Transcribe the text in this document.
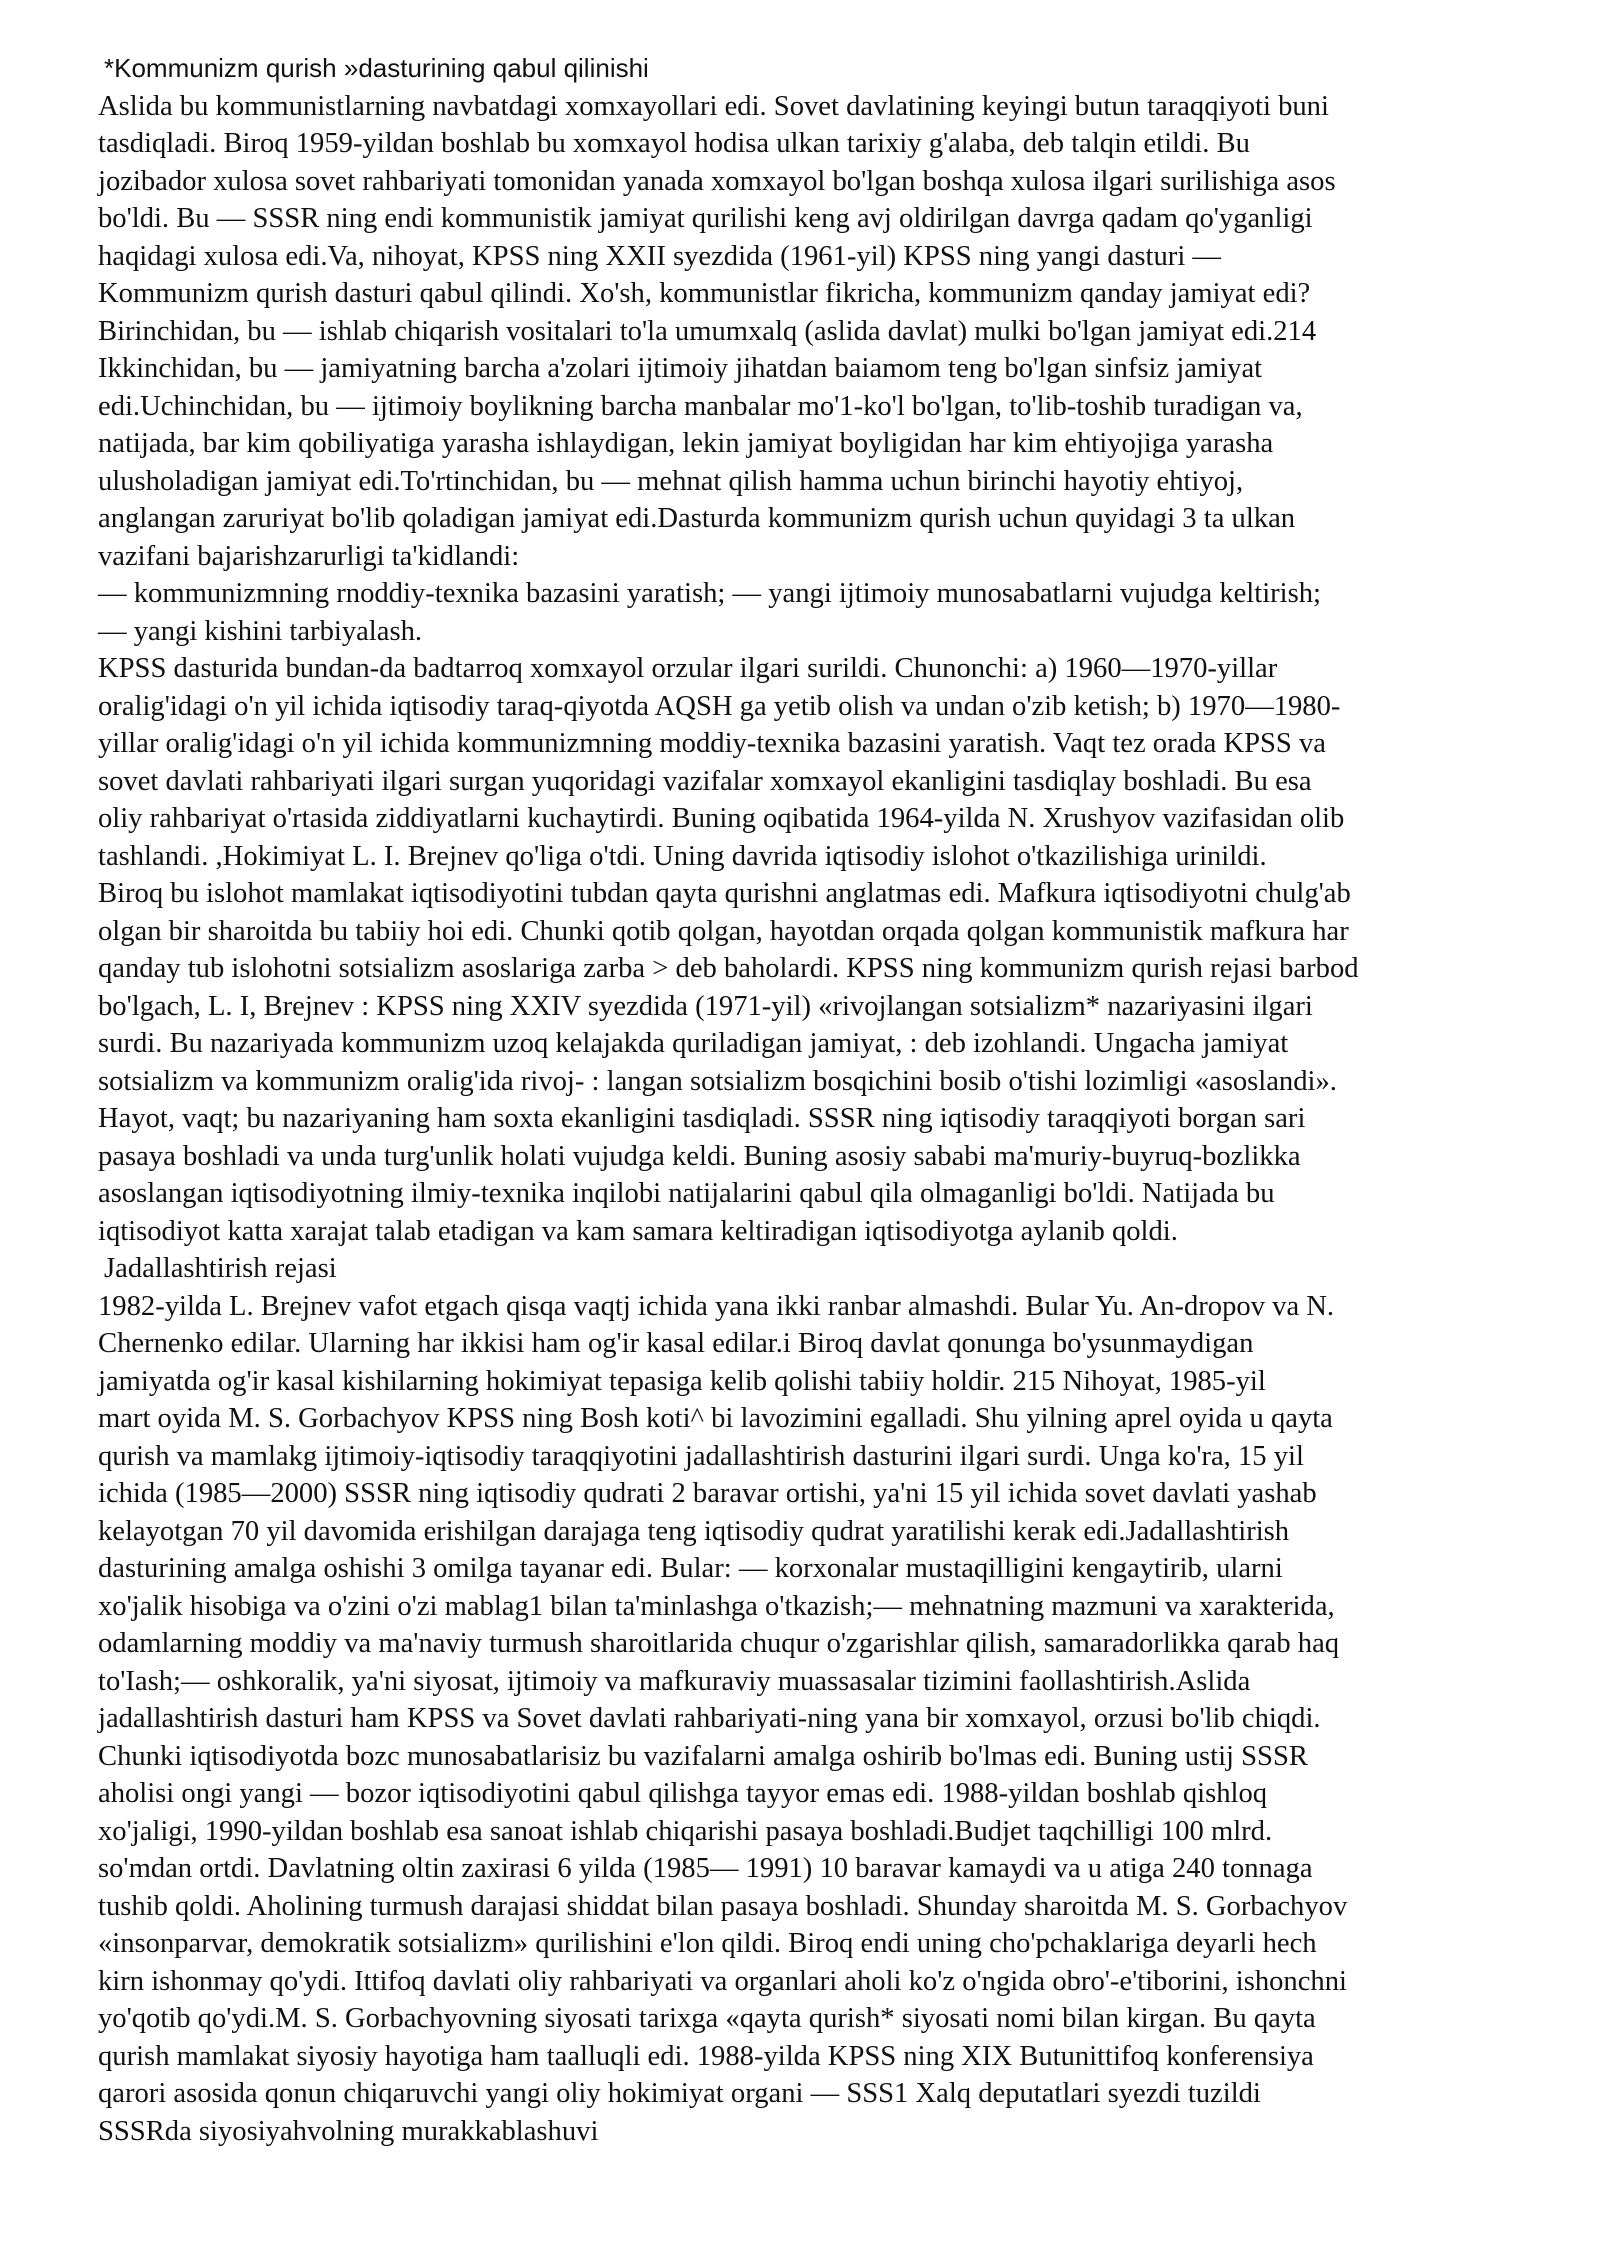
*Kommunizm qurish »dasturining qabul qilinishi

Aslida bu kommunistlarning navbatdagi xomxayollari edi. Sovet davlatining keyingi butun taraqqiyoti buni
tasdiqladi. Biroq 1959-yildan boshlab bu xomxayol hodisa ulkan tarixiy g'alaba, deb talqin etildi. Bu
jozibador xulosa sovet rahbariyati tomonidan yanada xomxayol bo'lgan boshqa xulosa ilgari surilishiga asos
bo'ldi. Bu — SSSR ning endi kommunistik jamiyat qurilishi keng avj oldirilgan davrga qadam qo'yganligi
haqidagi xulosa edi.Va, nihoyat, KPSS ning XXII syezdida (1961-yil) KPSS ning yangi dasturi —
Kommunizm qurish dasturi qabul qilindi. Xo'sh, kommunistlar fikricha, kommunizm qanday jamiyat edi?
Birinchidan, bu — ishlab chiqarish vositalari to'la umumxalq (aslida davlat) mulki bo'lgan jamiyat edi.214
Ikkinchidan, bu — jamiyatning barcha a'zolari ijtimoiy jihatdan baiamom teng bo'lgan sinfsiz jamiyat
edi.Uchinchidan, bu — ijtimoiy boylikning barcha manbalar mo'1-ko'l bo'lgan, to'lib-toshib turadigan va,
natijada, bar kim qobiliyatiga yarasha ishlaydigan, lekin jamiyat boyligidan har kim ehtiyojiga yarasha
ulusholadigan jamiyat edi.To'rtinchidan, bu — mehnat qilish hamma uchun birinchi hayotiy ehtiyoj,
anglangan zaruriyat bo'lib qoladigan jamiyat edi.Dasturda kommunizm qurish uchun quyidagi 3 ta ulkan
vazifani bajarishzarurligi ta'kidlandi:
— kommunizmning rnoddiy-texnika bazasini yaratish; — yangi ijtimoiy munosabatlarni vujudga keltirish;
— yangi kishini tarbiyalash.

KPSS dasturida bundan-da badtarroq xomxayol orzular ilgari surildi. Chunonchi: a) 1960—1970-yillar
oralig'idagi o'n yil ichida iqtisodiy taraq-qiyotda AQSH ga yetib olish va undan o'zib ketish; b) 1970—1980-
yillar oralig'idagi o'n yil ichida kommunizmning moddiy-texnika bazasini yaratish. Vaqt tez orada KPSS va
sovet davlati rahbariyati ilgari surgan yuqoridagi vazifalar xomxayol ekanligini tasdiqlay boshladi. Bu esa
oliy rahbariyat o'rtasida ziddiyatlarni kuchaytirdi. Buning oqibatida 1964-yilda N. Xrushyov vazifasidan olib
tashlandi. ,Hokimiyat L. I. Brejnev qo'liga o'tdi. Uning davrida iqtisodiy islohot o'tkazilishiga urinildi.
Biroq bu islohot mamlakat iqtisodiyotini tubdan qayta qurishni anglatmas edi. Mafkura iqtisodiyotni chulg'ab
olgan bir sharoitda bu tabiiy hoi edi. Chunki qotib qolgan, hayotdan orqada qolgan kommunistik mafkura har
qanday tub islohotni sotsializm asoslariga zarba > deb baholardi. KPSS ning kommunizm qurish rejasi barbod
bo'lgach, L. I, Brejnev : KPSS ning XXIV syezdida (1971-yil) «rivojlangan sotsializm* nazariyasini ilgari
surdi. Bu nazariyada kommunizm uzoq kelajakda quriladigan jamiyat, : deb izohlandi. Ungacha jamiyat
sotsializm va kommunizm oralig'ida rivoj- : langan sotsializm bosqichini bosib o'tishi lozimligi «asoslandi».
Hayot, vaqt; bu nazariyaning ham soxta ekanligini tasdiqladi. SSSR ning iqtisodiy taraqqiyoti borgan sari
pasaya boshladi va unda turg'unlik holati vujudga keldi. Buning asosiy sababi ma'muriy-buyruq-bozlikka
asoslangan iqtisodiyotning ilmiy-texnika inqilobi natijalarini qabul qila olmaganligi bo'ldi. Natijada bu
iqtisodiyot katta xarajat talab etadigan va kam samara keltiradigan iqtisodiyotga aylanib qoldi.

Jadallashtirish rejasi

1982-yilda L. Brejnev vafot etgach qisqa vaqtj ichida yana ikki ranbar almashdi. Bular Yu. An-dropov va N.
Chernenko edilar. Ularning har ikkisi ham og'ir kasal edilar.i Biroq davlat qonunga bo'ysunmaydigan
jamiyatda og'ir kasal kishilarning hokimiyat tepasiga kelib qolishi tabiiy holdir. 215 Nihoyat, 1985-yil
mart oyida M. S. Gorbachyov KPSS ning Bosh koti^ bi lavozimini egalladi. Shu yilning aprel oyida u qayta
qurish va mamlakg ijtimoiy-iqtisodiy taraqqiyotini jadallashtirish dasturini ilgari surdi. Unga ko'ra, 15 yil
ichida (1985—2000) SSSR ning iqtisodiy qudrati 2 baravar ortishi, ya'ni 15 yil ichida sovet davlati yashab
kelayotgan 70 yil davomida erishilgan darajaga teng iqtisodiy qudrat yaratilishi kerak edi.Jadallashtirish
dasturining amalga oshishi 3 omilga tayanar edi. Bular: — korxonalar mustaqilligini kengaytirib, ularni
xo'jalik hisobiga va o'zini o'zi mablag1 bilan ta'minlashga o'tkazish;— mehnatning mazmuni va xarakterida,
odamlarning moddiy va ma'naviy turmush sharoitlarida chuqur o'zgarishlar qilish, samaradorlikka qarab haq
to'Iash;— oshkoralik, ya'ni siyosat, ijtimoiy va mafkuraviy muassasalar tizimini faollashtirish.Aslida
jadallashtirish dasturi ham KPSS va Sovet davlati rahbariyati-ning yana bir xomxayol, orzusi bo'lib chiqdi.
Chunki iqtisodiyotda bozc munosabatlarisiz bu vazifalarni amalga oshirib bo'lmas edi. Buning ustij SSSR
aholisi ongi yangi — bozor iqtisodiyotini qabul qilishga tayyor emas edi. 1988-yildan boshlab qishloq
xo'jaligi, 1990-yildan boshlab esa sanoat ishlab chiqarishi pasaya boshladi.Budjet taqchilligi 100 mlrd.
so'mdan ortdi. Davlatning oltin zaxirasi 6 yilda (1985— 1991) 10 baravar kamaydi va u atiga 240 tonnaga
tushib qoldi. Aholining turmush darajasi shiddat bilan pasaya boshladi. Shunday sharoitda M. S. Gorbachyov
«insonparvar, demokratik sotsializm» qurilishini e'lon qildi. Biroq endi uning cho'pchaklariga deyarli hech
kirn ishonmay qo'ydi. Ittifoq davlati oliy rahbariyati va organlari aholi ko'z o'ngida obro'-e'tiborini, ishonchni
yo'qotib qo'ydi.M. S. Gorbachyovning siyosati tarixga «qayta qurish* siyosati nomi bilan kirgan. Bu qayta
qurish mamlakat siyosiy hayotiga ham taalluqli edi. 1988-yilda KPSS ning XIX Butunittifoq konferensiya
qarori asosida qonun chiqaruvchi yangi oliy hokimiyat organi — SSS1 Xalq deputatlari syezdi tuzildi
SSSRda siyosiyahvolning murakkablashuvi
